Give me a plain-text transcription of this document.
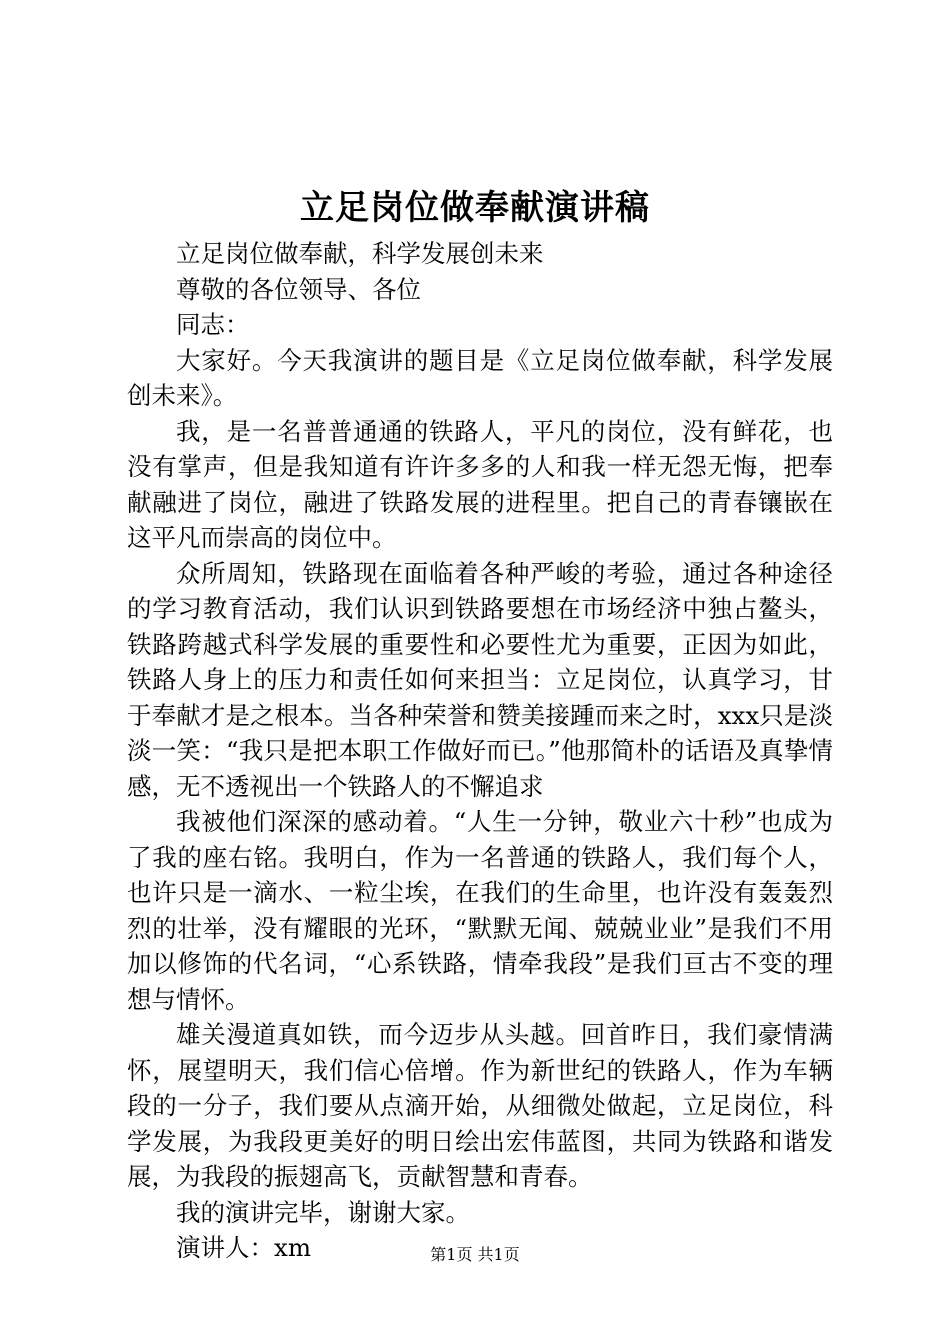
立足岗位做奉献演讲稿

立足岗位做奉献，科学发展创未来

尊敬的各位领导、各位

同志：

大家好。今天我演讲的题目是《立足岗位做奉献，科学发展创未来》。

我，是一名普普通通的铁路人，平凡的岗位，没有鲜花，也没有掌声，但是我知道有许许多多的人和我一样无怨无悔，把奉献融进了岗位，融进了铁路发展的进程里。把自己的青春镶嵌在这平凡而崇高的岗位中。

众所周知，铁路现在面临着各种严峻的考验，通过各种途径的学习教育活动，我们认识到铁路要想在市场经济中独占鳌头，铁路跨越式科学发展的重要性和必要性尤为重要，正因为如此，铁路人身上的压力和责任如何来担当：立足岗位，认真学习，甘于奉献才是之根本。当各种荣誉和赞美接踵而来之时，xxx只是淡淡一笑：“我只是把本职工作做好而已。”他那简朴的话语及真挚情感，无不透视出一个铁路人的不懈追求

我被他们深深的感动着。“人生一分钟，敬业六十秒”也成为了我的座右铭。我明白，作为一名普通的铁路人，我们每个人，也许只是一滴水、一粒尘埃，在我们的生命里，也许没有轰轰烈烈的壮举，没有耀眼的光环，“默默无闻、兢兢业业”是我们不用加以修饰的代名词，“心系铁路，情牵我段”是我们亘古不变的理想与情怀。

雄关漫道真如铁，而今迈步从头越。回首昨日，我们豪情满怀，展望明天，我们信心倍增。作为新世纪的铁路人，作为车辆段的一分子，我们要从点滴开始，从细微处做起，立足岗位，科学发展，为我段更美好的明日绘出宏伟蓝图，共同为铁路和谐发展，为我段的振翅高飞，贡献智慧和青春。

我的演讲完毕，谢谢大家。

演讲人：xm	第1页 共1页
